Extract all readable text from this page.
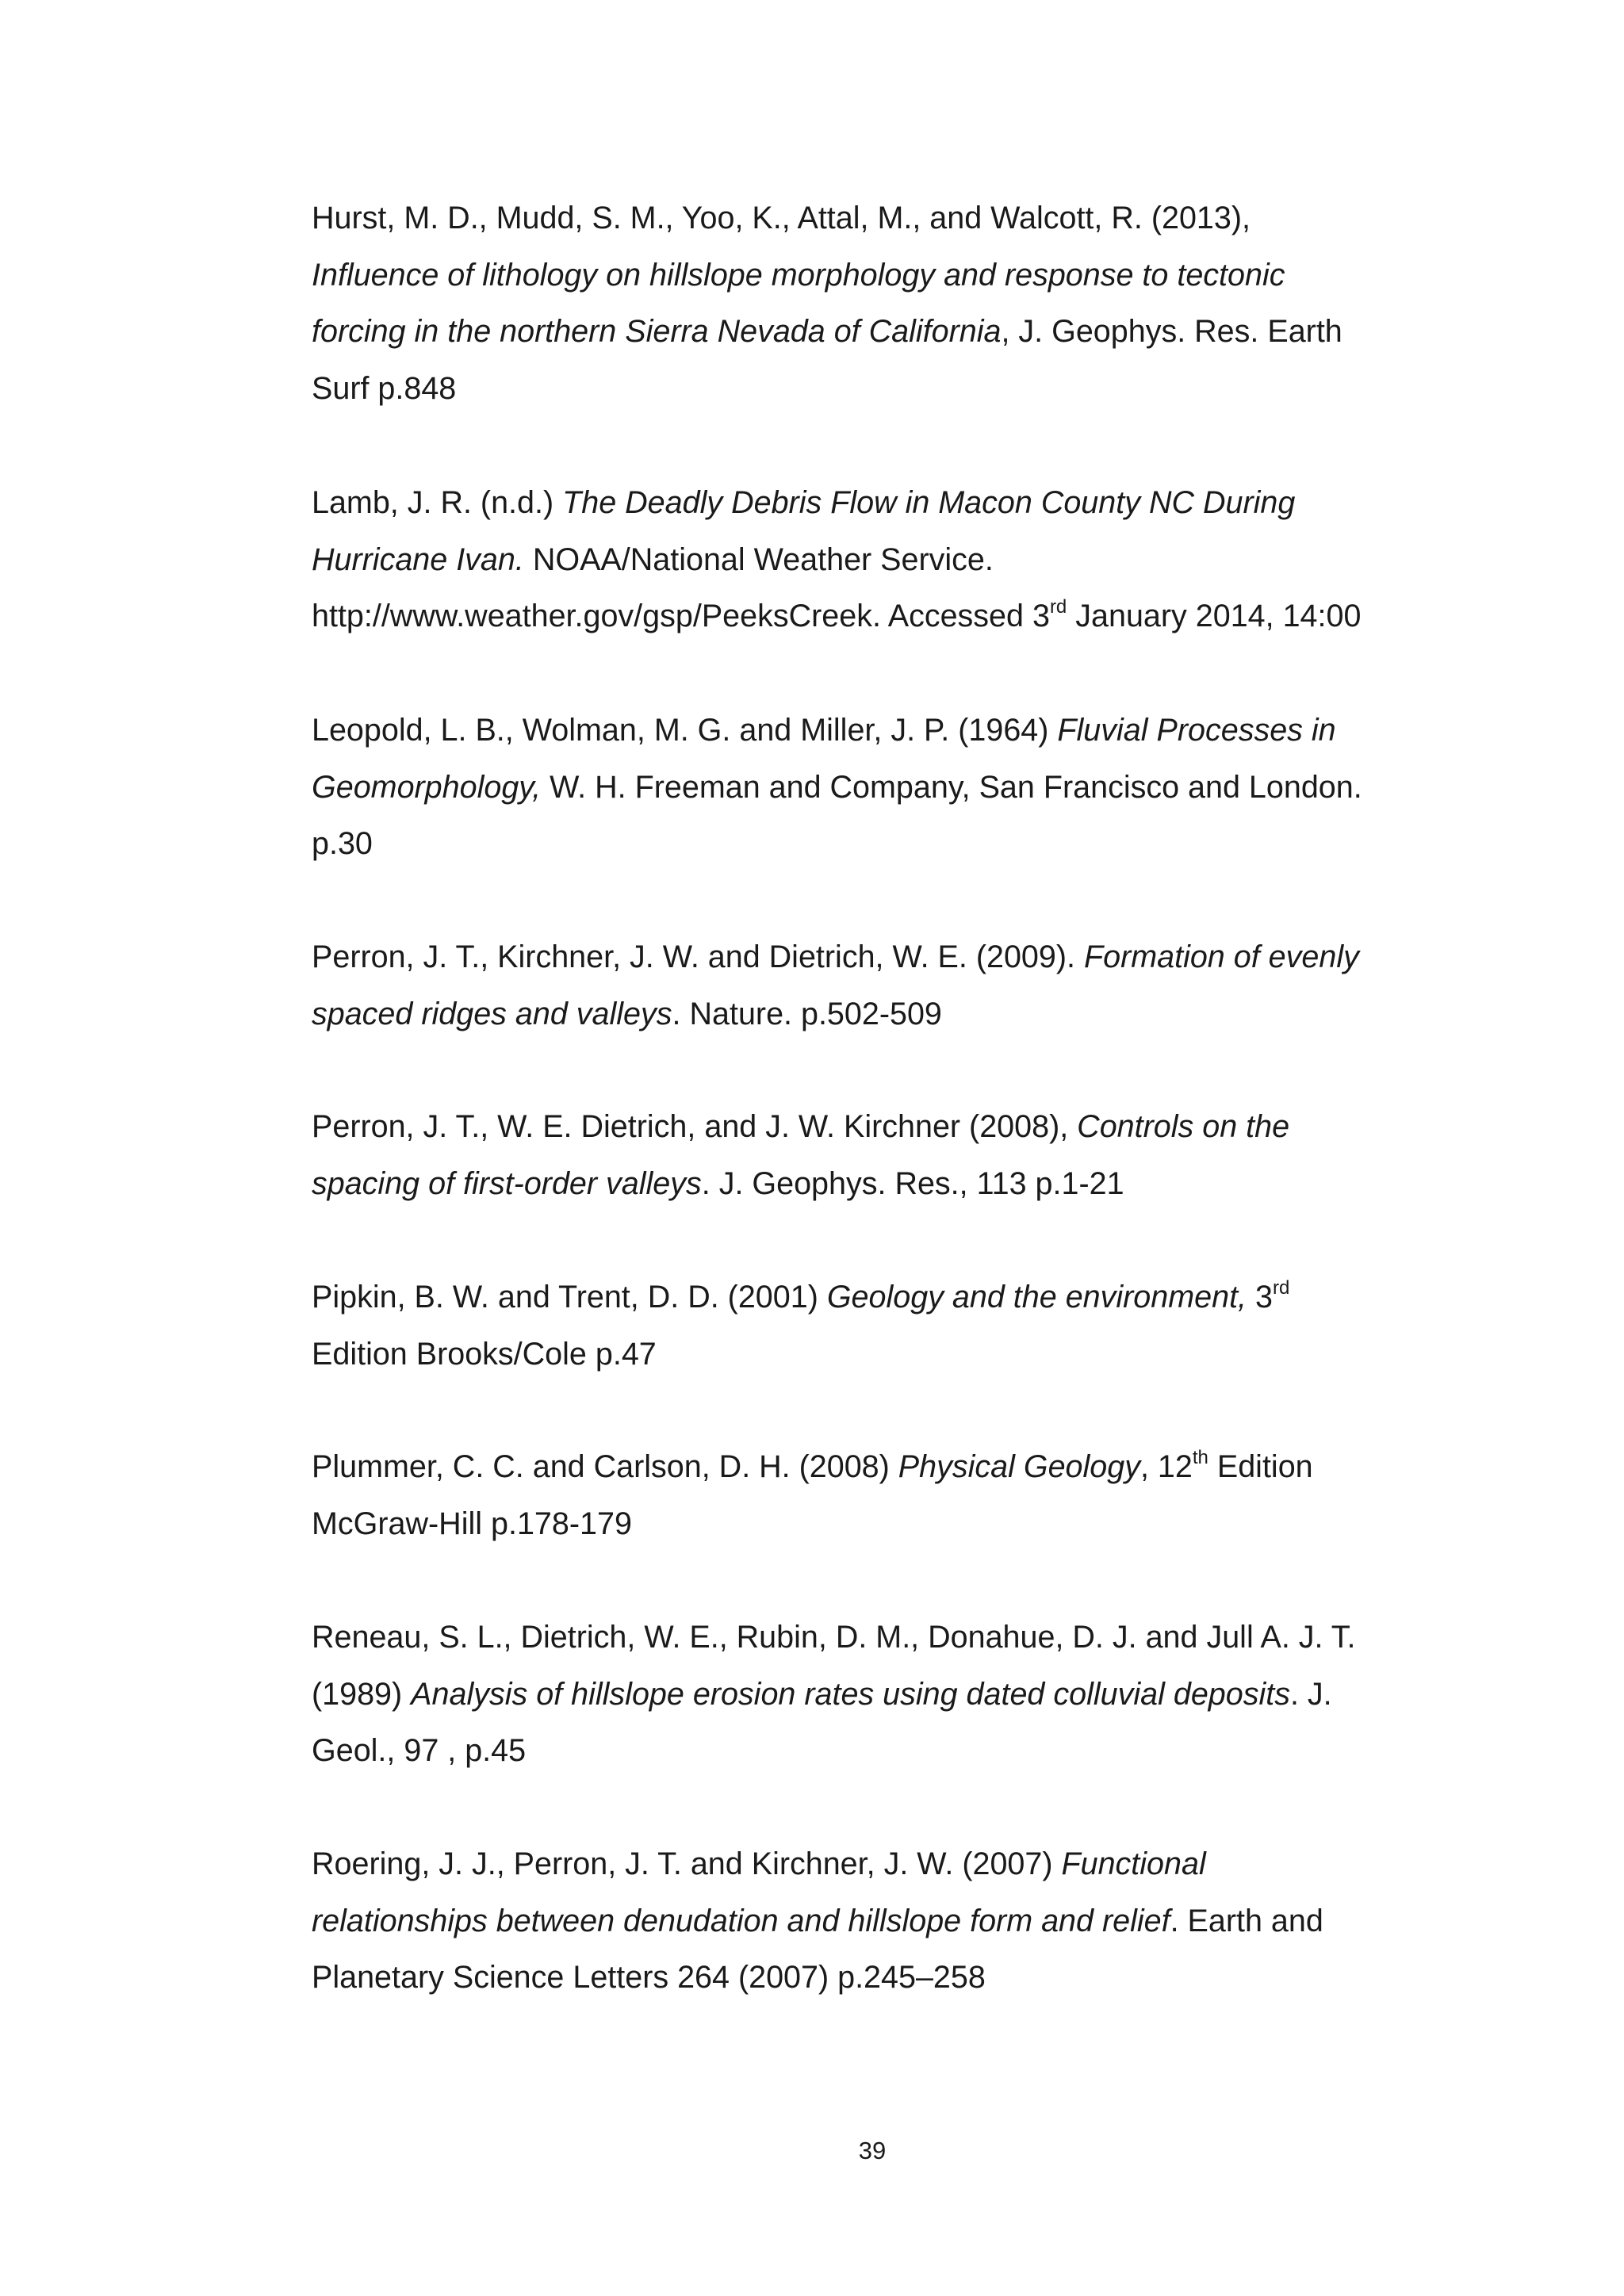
Hurst, M. D., Mudd, S. M., Yoo, K., Attal, M., and Walcott, R. (2013),
Influence of lithology on hillslope morphology and response to tectonic
forcing in the northern Sierra Nevada of California, J. Geophys. Res. Earth
Surf p.848
Lamb, J. R. (n.d.) The Deadly Debris Flow in Macon County NC During
Hurricane Ivan. NOAA/National Weather Service.
http://www.weather.gov/gsp/PeeksCreek. Accessed 3rd January 2014, 14:00
Leopold, L. B., Wolman, M. G. and Miller, J. P. (1964) Fluvial Processes in
Geomorphology, W. H. Freeman and Company, San Francisco and London.
p.30
Perron, J. T., Kirchner, J. W. and Dietrich, W. E. (2009). Formation of evenly
spaced ridges and valleys. Nature. p.502-509
Perron, J. T., W. E. Dietrich, and J. W. Kirchner (2008), Controls on the
spacing of first-order valleys. J. Geophys. Res., 113 p.1-21
Pipkin, B. W. and Trent, D. D. (2001) Geology and the environment, 3rd
Edition Brooks/Cole p.47
Plummer, C. C. and Carlson, D. H. (2008) Physical Geology, 12th Edition
McGraw-Hill p.178-179
Reneau, S. L., Dietrich, W. E., Rubin, D. M., Donahue, D. J. and Jull A. J. T.
(1989) Analysis of hillslope erosion rates using dated colluvial deposits. J.
Geol., 97 , p.45
Roering, J. J., Perron, J. T. and Kirchner, J. W. (2007) Functional
relationships between denudation and hillslope form and relief. Earth and
Planetary Science Letters 264 (2007) p.245–258
39
